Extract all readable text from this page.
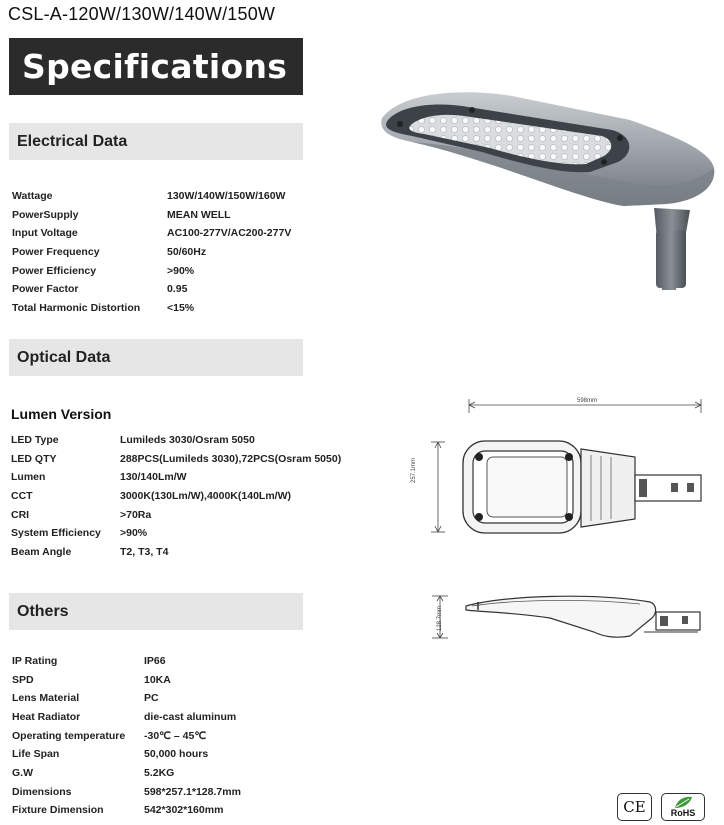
CSL-A-120W/130W/140W/150W
Specifications
Electrical Data
Wattage	130W/140W/150W/160W
PowerSupply	MEAN WELL
Input Voltage	AC100-277V/AC200-277V
Power Frequency	50/60Hz
Power Efficiency	>90%
Power Factor	0.95
Total Harmonic Distortion	<15%
Optical Data
Lumen Version
LED Type	Lumileds 3030/Osram 5050
LED QTY	288PCS(Lumileds 3030),72PCS(Osram 5050)
Lumen	130/140Lm/W
CCT	3000K(130Lm/W),4000K(140Lm/W)
CRI	>70Ra
System Efficiency >90%
Beam Angle	T2, T3, T4
Others
IP Rating	IP66
SPD	10KA
Lens Material	PC
Heat Radiator	die-cast aluminum
Operating temperature -30℃ – 45℃
Life Span	50,000 hours
G.W	5.2KG
Dimensions	598*257.1*128.7mm
Fixture Dimension	542*302*160mm
598mm
257.1mm
128.7mm
CE	RoHS
